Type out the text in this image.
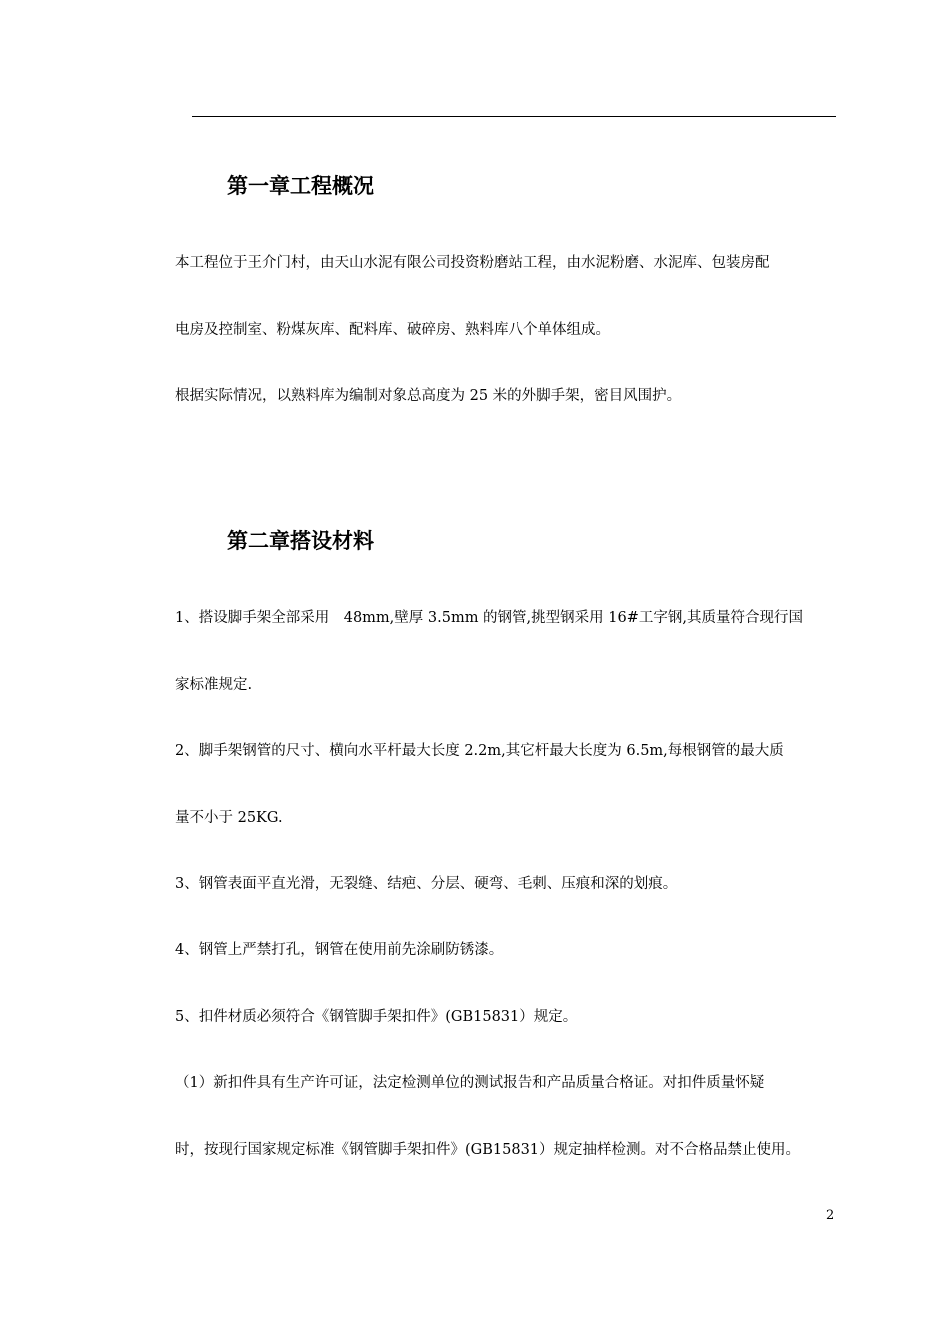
第一章工程概况
本工程位于王介门村，由天山水泥有限公司投资粉磨站工程，由水泥粉磨、水泥库、包装房配
电房及控制室、粉煤灰库、配料库、破碎房、熟料库八个单体组成。
根据实际情况，以熟料库为编制对象总高度为 25 米的外脚手架，密目风围护。
第二章搭设材料
1、搭设脚手架全部采用　48mm,壁厚 3.5mm 的钢管,挑型钢采用 16#工字钢,其质量符合现行国
家标准规定.
2、脚手架钢管的尺寸、横向水平杆最大长度 2.2m,其它杆最大长度为 6.5m,每根钢管的最大质
量不小于 25KG.
3、钢管表面平直光滑，无裂缝、结疤、分层、硬弯、毛刺、压痕和深的划痕。
4、钢管上严禁打孔，钢管在使用前先涂刷防锈漆。
5、扣件材质必须符合《钢管脚手架扣件》(GB15831）规定。
（1）新扣件具有生产许可证，法定检测单位的测试报告和产品质量合格证。对扣件质量怀疑
时，按现行国家规定标准《钢管脚手架扣件》(GB15831）规定抽样检测。对不合格品禁止使用。
2
